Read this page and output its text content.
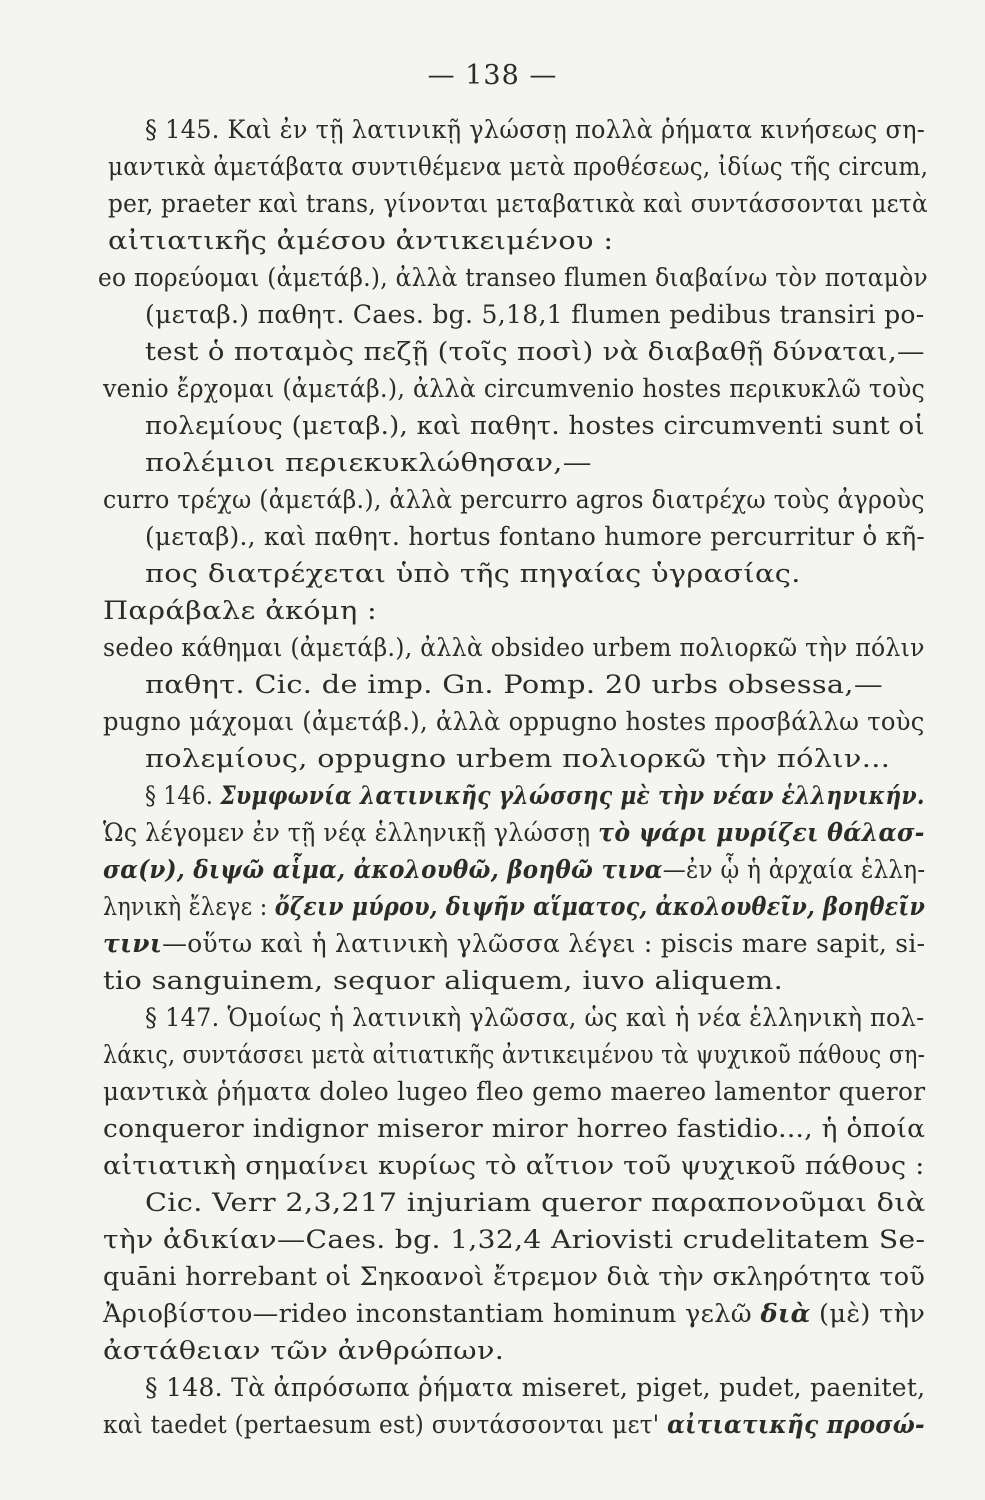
— 138 —
§ 145. Καὶ ἐν τῇ λατινικῇ γλώσσῃ πολλὰ ῥήματα κινήσεως ση-
μαντικὰ ἀμετάβατα συντιθέμενα μετὰ προθέσεως, ἰδίως τῆς circum,
per, praeter καὶ trans, γίνονται μεταβατικὰ καὶ συντάσσονται μετὰ
αἰτιατικῆς ἀμέσου ἀντικειμένου :
eo πορεύομαι (ἀμετάβ.), ἀλλὰ transeo flumen διαβαίνω τὸν ποταμὸν
(μεταβ.) παθητ. Caes. bg. 5,18,1 flumen pedibus transiri po-
test ὁ ποταμὸς πεζῇ (τοῖς ποσὶ) νὰ διαβαθῇ δύναται,—
venio ἔρχομαι (ἀμετάβ.), ἀλλὰ circumvenio hostes περικυκλῶ τοὺς
πολεμίους (μεταβ.), καὶ παθητ. hostes circumventi sunt οἱ
πολέμιοι περιεκυκλώθησαν,—
curro τρέχω (ἀμετάβ.), ἀλλὰ percurro agros διατρέχω τοὺς ἀγροὺς
(μεταβ)., καὶ παθητ. hortus fontano humore percurritur ὁ κῆ-
πος διατρέχεται ὑπὸ τῆς πηγαίας ὑγρασίας.
Παράβαλε ἀκόμη :
sedeo κάθημαι (ἀμετάβ.), ἀλλὰ obsideo urbem πολιορκῶ τὴν πόλιν
παθητ. Cic. de imp. Gn. Pomp. 20 urbs obsessa,—
pugno μάχομαι (ἀμετάβ.), ἀλλὰ oppugno hostes προσβάλλω τοὺς
πολεμίους, oppugno urbem πολιορκῶ τὴν πόλιν...
§ 146. Συμφωνία λατινικῆς γλώσσης μὲ τὴν νέαν ἑλληνικήν.
Ὡς λέγομεν ἐν τῇ νέᾳ ἑλληνικῇ γλώσσῃ τὸ ψάρι μυρίζει θάλασ-
σα(ν), διψῶ αἷμα, ἀκολουθῶ, βοηθῶ τινα—ἐν ᾧ ἡ ἀρχαία ἑλλη-
ληνικὴ ἔλεγε : ὄζειν μύρου, διψῆν αἵματος, ἀκολουθεῖν, βοηθεῖν
τινι—οὕτω καὶ ἡ λατινικὴ γλῶσσα λέγει : piscis mare sapit, si-
tio sanguinem, sequor aliquem, iuvo aliquem.
§ 147. Ὁμοίως ἡ λατινικὴ γλῶσσα, ὡς καὶ ἡ νέα ἑλληνικὴ πολ-
λάκις, συντάσσει μετὰ αἰτιατικῆς ἀντικειμένου τὰ ψυχικοῦ πάθους ση-
μαντικὰ ῥήματα doleo lugeo fleo gemo maereo lamentor queror
conqueror indignor miseror miror horreo fastidio..., ἡ ὁποία
αἰτιατικὴ σημαίνει κυρίως τὸ αἴτιον τοῦ ψυχικοῦ πάθους :
Cic. Verr 2,3,217 injuriam queror παραπονοῦμαι διὰ
τὴν ἀδικίαν—Caes. bg. 1,32,4 Ariovisti crudelitatem Se-
quāni horrebant οἱ Σηκοανοὶ ἔτρεμον διὰ τὴν σκληρότητα τοῦ
Ἀριοβίστου—rideo inconstantiam hominum γελῶ διὰ (μὲ) τὴν
ἀστάθειαν τῶν ἀνθρώπων.
§ 148. Τὰ ἀπρόσωπα ῥήματα miseret, piget, pudet, paenitet,
καὶ taedet (pertaesum est) συντάσσονται μετ' αἰτιατικῆς προσώ-
